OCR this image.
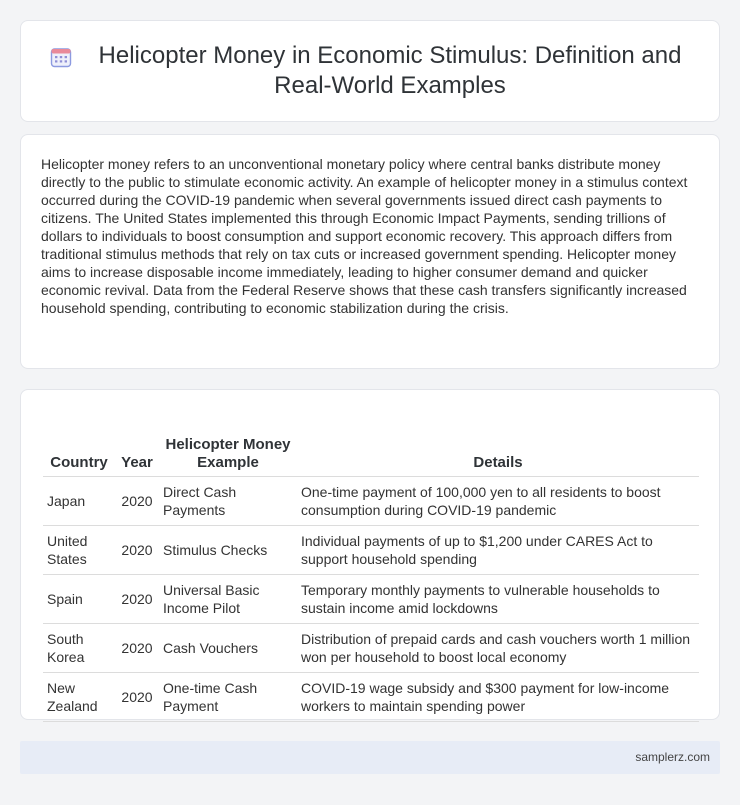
Helicopter Money in Economic Stimulus: Definition and Real-World Examples

Helicopter money refers to an unconventional monetary policy where central banks distribute money directly to the public to stimulate economic activity. An example of helicopter money in a stimulus context occurred during the COVID-19 pandemic when several governments issued direct cash payments to citizens. The United States implemented this through Economic Impact Payments, sending trillions of dollars to individuals to boost consumption and support economic recovery. This approach differs from traditional stimulus methods that rely on tax cuts or increased government spending. Helicopter money aims to increase disposable income immediately, leading to higher consumer demand and quicker economic revival. Data from the Federal Reserve shows that these cash transfers significantly increased household spending, contributing to economic stabilization during the crisis.

Country	Year	Helicopter Money Example	Details
Japan	2020	Direct Cash Payments	One-time payment of 100,000 yen to all residents to boost consumption during COVID-19 pandemic
United States	2020	Stimulus Checks	Individual payments of up to $1,200 under CARES Act to support household spending
Spain	2020	Universal Basic Income Pilot	Temporary monthly payments to vulnerable households to sustain income amid lockdowns
South Korea	2020	Cash Vouchers	Distribution of prepaid cards and cash vouchers worth 1 million won per household to boost local economy
New Zealand	2020	One-time Cash Payment	COVID-19 wage subsidy and $300 payment for low-income workers to maintain spending power
samplerz.com
